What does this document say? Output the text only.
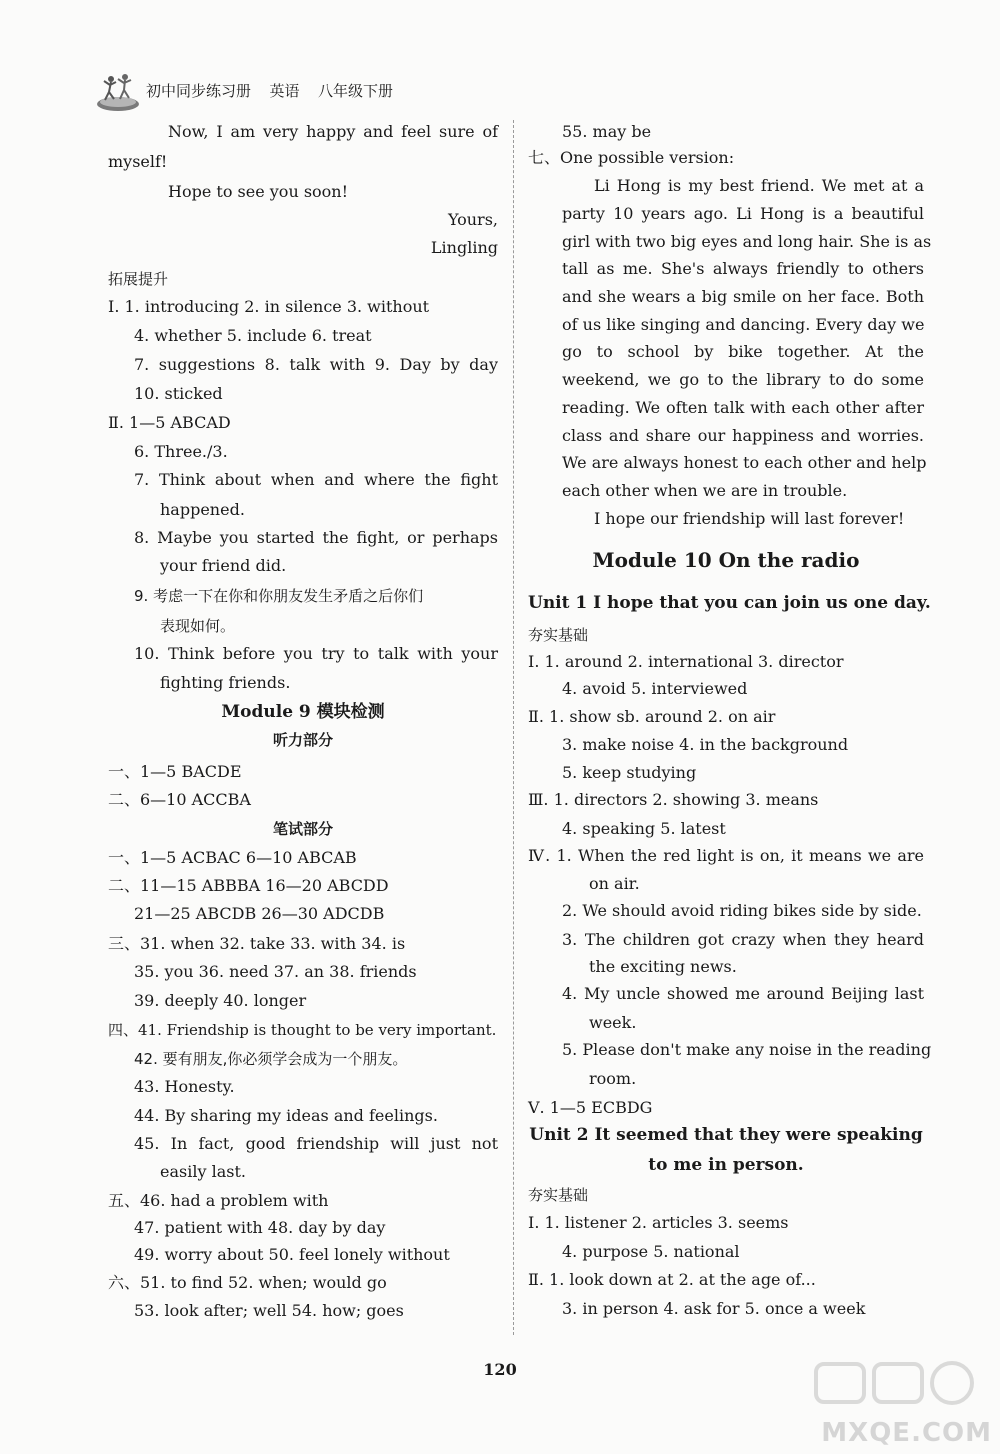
初中同步练习册 英语 八年级下册
Now, I am very happy and feel sure of
myself!
Hope to see you soon!
Yours,
Lingling
拓展提升
Ⅰ. 1. introducing 2. in silence 3. without
4. whether 5. include 6. treat
7. suggestions 8. talk with 9. Day by day
10. sticked
Ⅱ. 1—5 ABCAD
6. Three./3.
7. Think about when and where the fight
happened.
8. Maybe you started the fight, or perhaps
your friend did.
9. 考虑一下在你和你朋友发生矛盾之后你们
表现如何。
10. Think before you try to talk with your
fighting friends.
Module 9 模块检测
听力部分
一、1—5 BACDE
二、6—10 ACCBA
笔试部分
一、1—5 ACBAC 6—10 ABCAB
二、11—15 ABBBA 16—20 ABCDD
21—25 ABCDB 26—30 ADCDB
三、31. when 32. take 33. with 34. is
35. you 36. need 37. an 38. friends
39. deeply 40. longer
四、41. Friendship is thought to be very important.
42. 要有朋友,你必须学会成为一个朋友。
43. Honesty.
44. By sharing my ideas and feelings.
45. In fact, good friendship will just not
easily last.
五、46. had a problem with
47. patient with 48. day by day
49. worry about 50. feel lonely without
六、51. to find 52. when; would go
53. look after; well 54. how; goes
55. may be
七、One possible version:
Li Hong is my best friend. We met at a
party 10 years ago. Li Hong is a beautiful
girl with two big eyes and long hair. She is as
tall as me. She's always friendly to others
and she wears a big smile on her face. Both
of us like singing and dancing. Every day we
go to school by bike together. At the
weekend, we go to the library to do some
reading. We often talk with each other after
class and share our happiness and worries.
We are always honest to each other and help
each other when we are in trouble.
I hope our friendship will last forever!
Module 10 On the radio
Unit 1 I hope that you can join us one day.
夯实基础
Ⅰ. 1. around 2. international 3. director
4. avoid 5. interviewed
Ⅱ. 1. show sb. around 2. on air
3. make noise 4. in the background
5. keep studying
Ⅲ. 1. directors 2. showing 3. means
4. speaking 5. latest
Ⅳ. 1. When the red light is on, it means we are
on air.
2. We should avoid riding bikes side by side.
3. The children got crazy when they heard
the exciting news.
4. My uncle showed me around Beijing last
week.
5. Please don't make any noise in the reading
room.
Ⅴ. 1—5 ECBDG
Unit 2 It seemed that they were speaking
to me in person.
夯实基础
Ⅰ. 1. listener 2. articles 3. seems
4. purpose 5. national
Ⅱ. 1. look down at 2. at the age of...
3. in person 4. ask for 5. once a week
120
MXQE.COM
